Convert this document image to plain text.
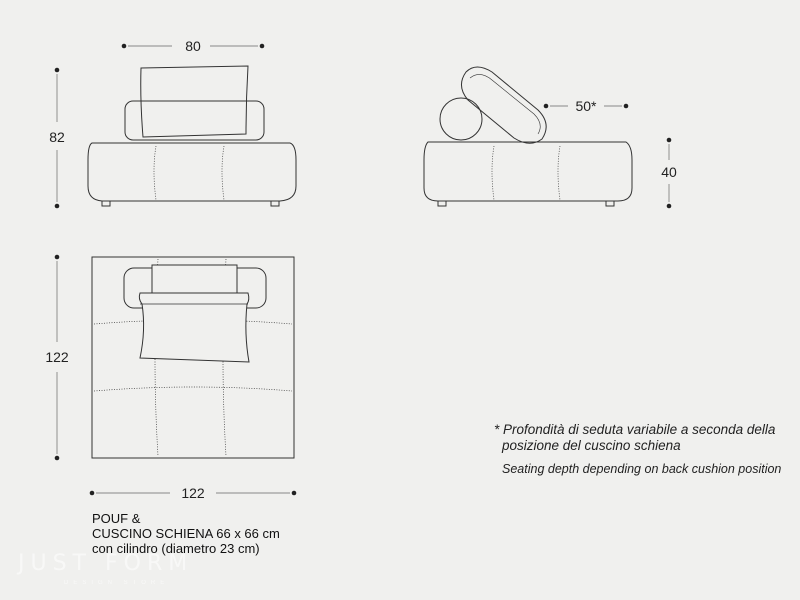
80
82
50*
40
122
122
* Profondità di seduta variabile a seconda della posizione del cuscino schiena
Seating depth depending on back cushion position
POUF &
CUSCINO SCHIENA 66 x 66 cm
con cilindro (diametro 23 cm)
JUST FORM
DESIGN STORE
